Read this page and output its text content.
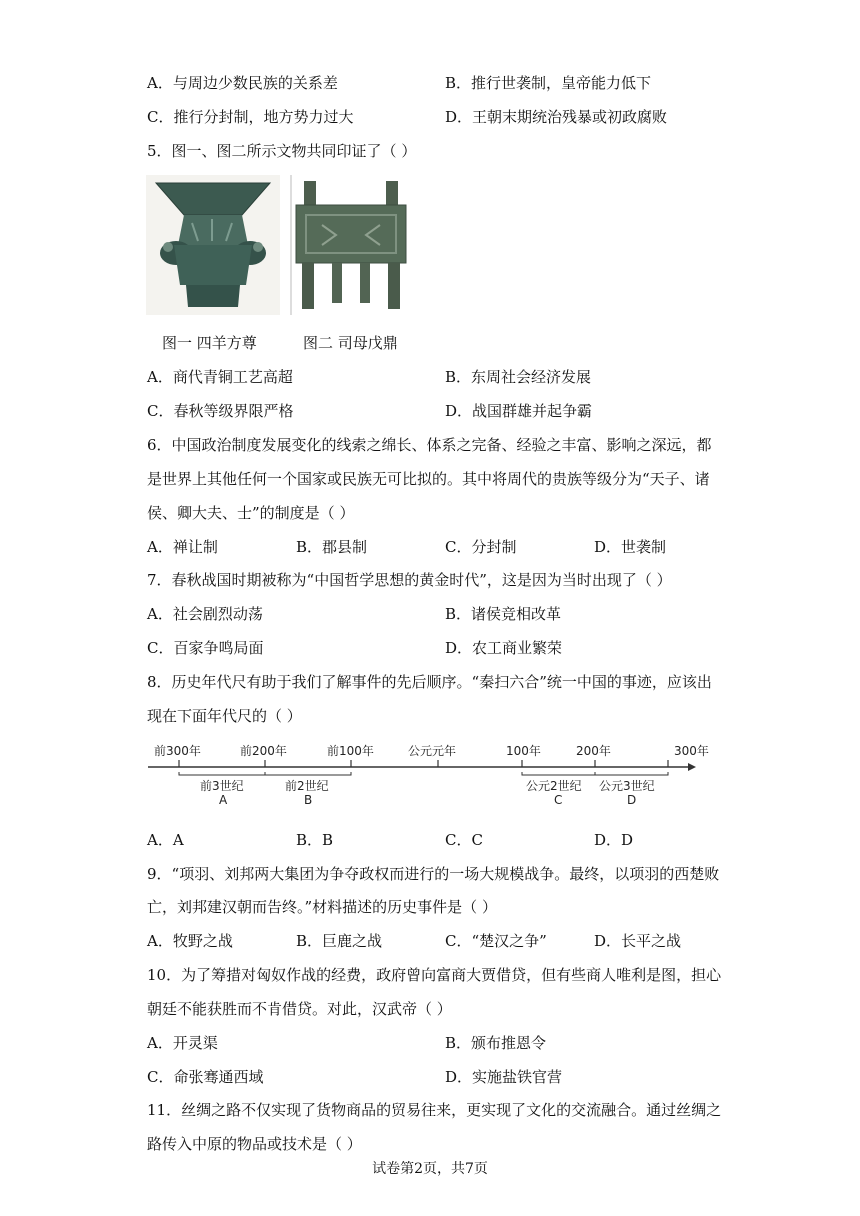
A．与周边少数民族的关系差	B．推行世袭制，皇帝能力低下
C．推行分封制，地方势力过大	D．王朝末期统治残暴或初政腐败
5．图一、图二所示文物共同印证了（ ）
图一 四羊方尊	图二 司母戊鼎
A．商代青铜工艺高超	B．东周社会经济发展
C．春秋等级界限严格	D．战国群雄并起争霸
6．中国政治制度发展变化的线索之绵长、体系之完备、经验之丰富、影响之深远，都
是世界上其他任何一个国家或民族无可比拟的。其中将周代的贵族等级分为“天子、诸
侯、卿大夫、士”的制度是（ ）
A．禅让制	B．郡县制	C．分封制	D．世袭制
7．春秋战国时期被称为“中国哲学思想的黄金时代”，这是因为当时出现了（ ）
A．社会剧烈动荡	B．诸侯竞相改革
C．百家争鸣局面	D．农工商业繁荣
8．历史年代尺有助于我们了解事件的先后顺序。“秦扫六合”统一中国的事迹，应该出
现在下面年代尺的（ ）
前300年	前200年	前100年	公元元年	100年	200年	300年
前3世纪
A
前2世纪
B
公元2世纪
C
公元3世纪
D
A．A	B．B	C．C	D．D
9．“项羽、刘邦两大集团为争夺政权而进行的一场大规模战争。最终，以项羽的西楚败
亡，刘邦建汉朝而告终。”材料描述的历史事件是（ ）
A．牧野之战	B．巨鹿之战	C．“楚汉之争”	D．长平之战
10．为了筹措对匈奴作战的经费，政府曾向富商大贾借贷，但有些商人唯利是图，担心
朝廷不能获胜而不肯借贷。对此，汉武帝（ ）
A．开灵渠	B．颁布推恩令
C．命张骞通西域	D．实施盐铁官营
11．丝绸之路不仅实现了货物商品的贸易往来，更实现了文化的交流融合。通过丝绸之
路传入中原的物品或技术是（ ）
试卷第2页，共7页
